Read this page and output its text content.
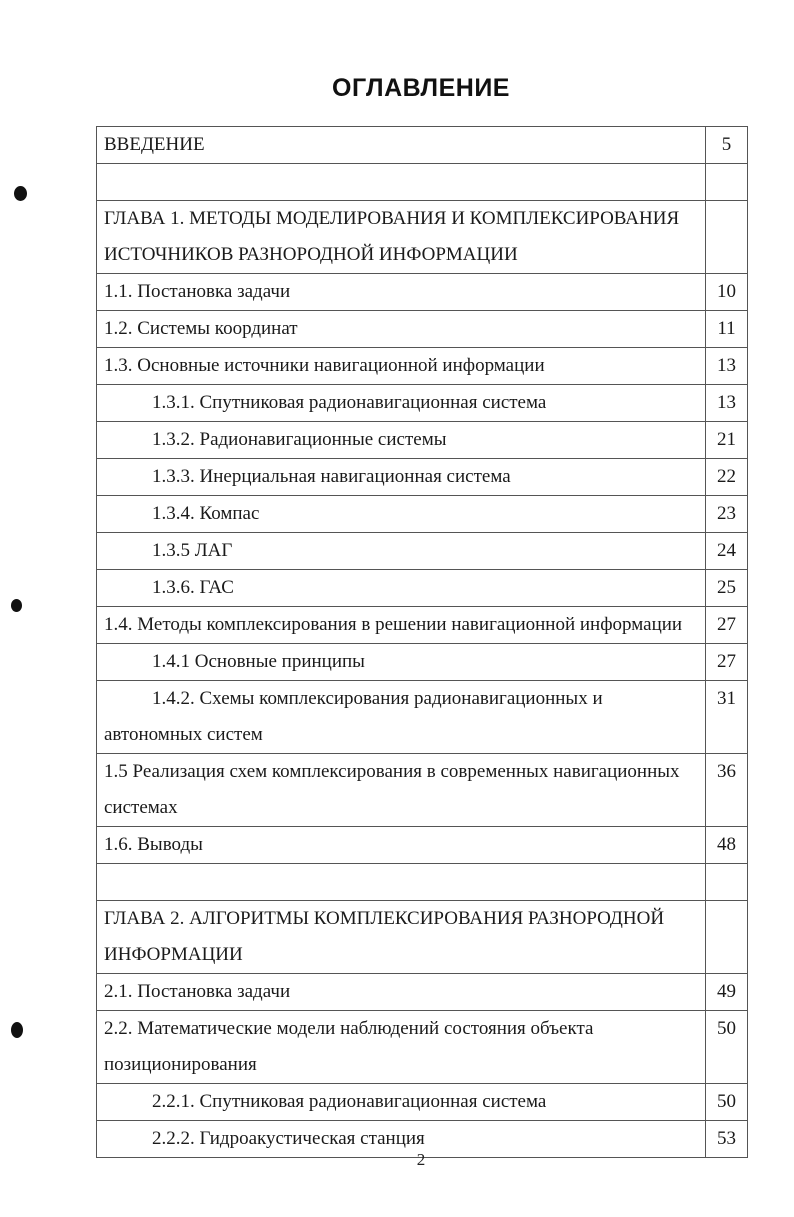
ОГЛАВЛЕНИЕ
ВВЕДЕНИЕ	5

ГЛАВА 1. МЕТОДЫ МОДЕЛИРОВАНИЯ И КОМПЛЕКСИРОВАНИЯ ИСТОЧНИКОВ РАЗНОРОДНОЙ ИНФОРМАЦИИ	
1.1. Постановка задачи	10
1.2. Системы координат	11
1.3. Основные источники навигационной информации	13
1.3.1. Спутниковая радионавигационная система	13
1.3.2. Радионавигационные системы	21
1.3.3. Инерциальная навигационная система	22
1.3.4. Компас	23
1.3.5 ЛАГ	24
1.3.6. ГАС	25
1.4. Методы комплексирования в решении навигационной информации	27
1.4.1 Основные принципы	27
1.4.2. Схемы комплексирования радионавигационных и
автономных систем	31
1.5 Реализация схем комплексирования в современных навигационных системах	36
1.6. Выводы	48

ГЛАВА 2. АЛГОРИТМЫ КОМПЛЕКСИРОВАНИЯ РАЗНОРОДНОЙ ИНФОРМАЦИИ	
2.1. Постановка задачи	49
2.2. Математические модели наблюдений состояния объекта позиционирования	50
2.2.1. Спутниковая радионавигационная система	50
2.2.2. Гидроакустическая станция	53
2
